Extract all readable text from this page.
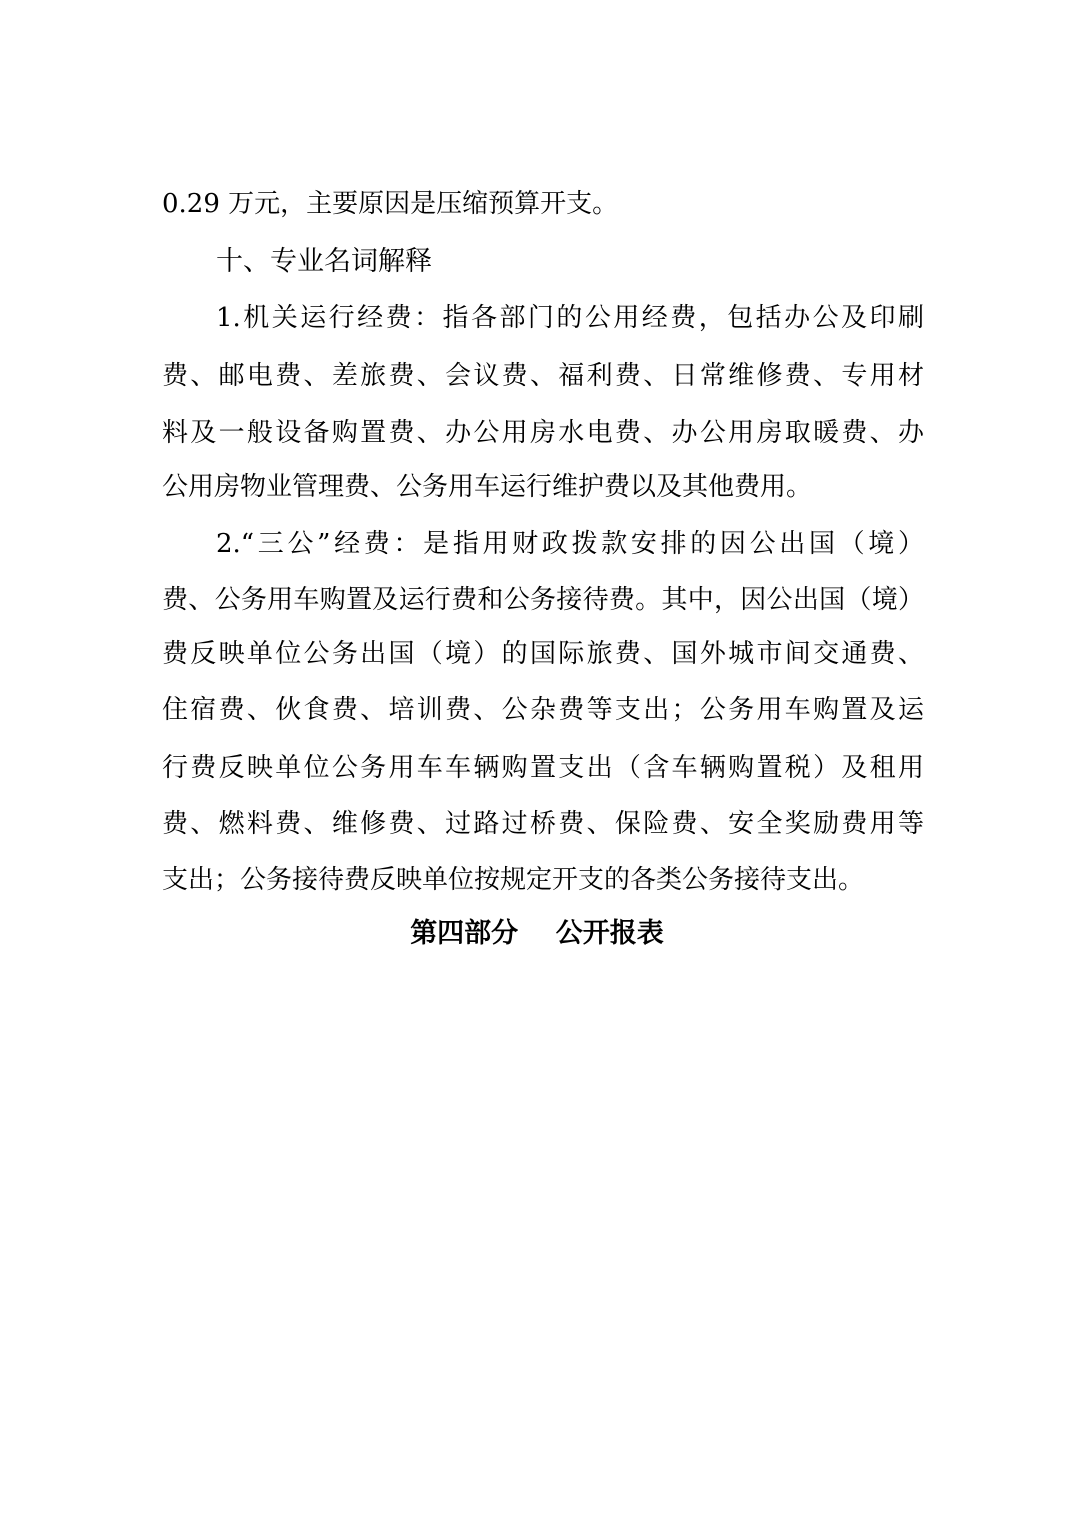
0.29 万元，主要原因是压缩预算开支。
十、专业名词解释
1.机关运行经费：指各部门的公用经费，包括办公及印刷
费、邮电费、差旅费、会议费、福利费、日常维修费、专用材
料及一般设备购置费、办公用房水电费、办公用房取暖费、办
公用房物业管理费、公务用车运行维护费以及其他费用。
2.“三公”经费：是指用财政拨款安排的因公出国（境）
费、公务用车购置及运行费和公务接待费。其中，因公出国（境）
费反映单位公务出国（境）的国际旅费、国外城市间交通费、
住宿费、伙食费、培训费、公杂费等支出；公务用车购置及运
行费反映单位公务用车车辆购置支出（含车辆购置税）及租用
费、燃料费、维修费、过路过桥费、保险费、安全奖励费用等
支出；公务接待费反映单位按规定开支的各类公务接待支出。
第四部分    公开报表
